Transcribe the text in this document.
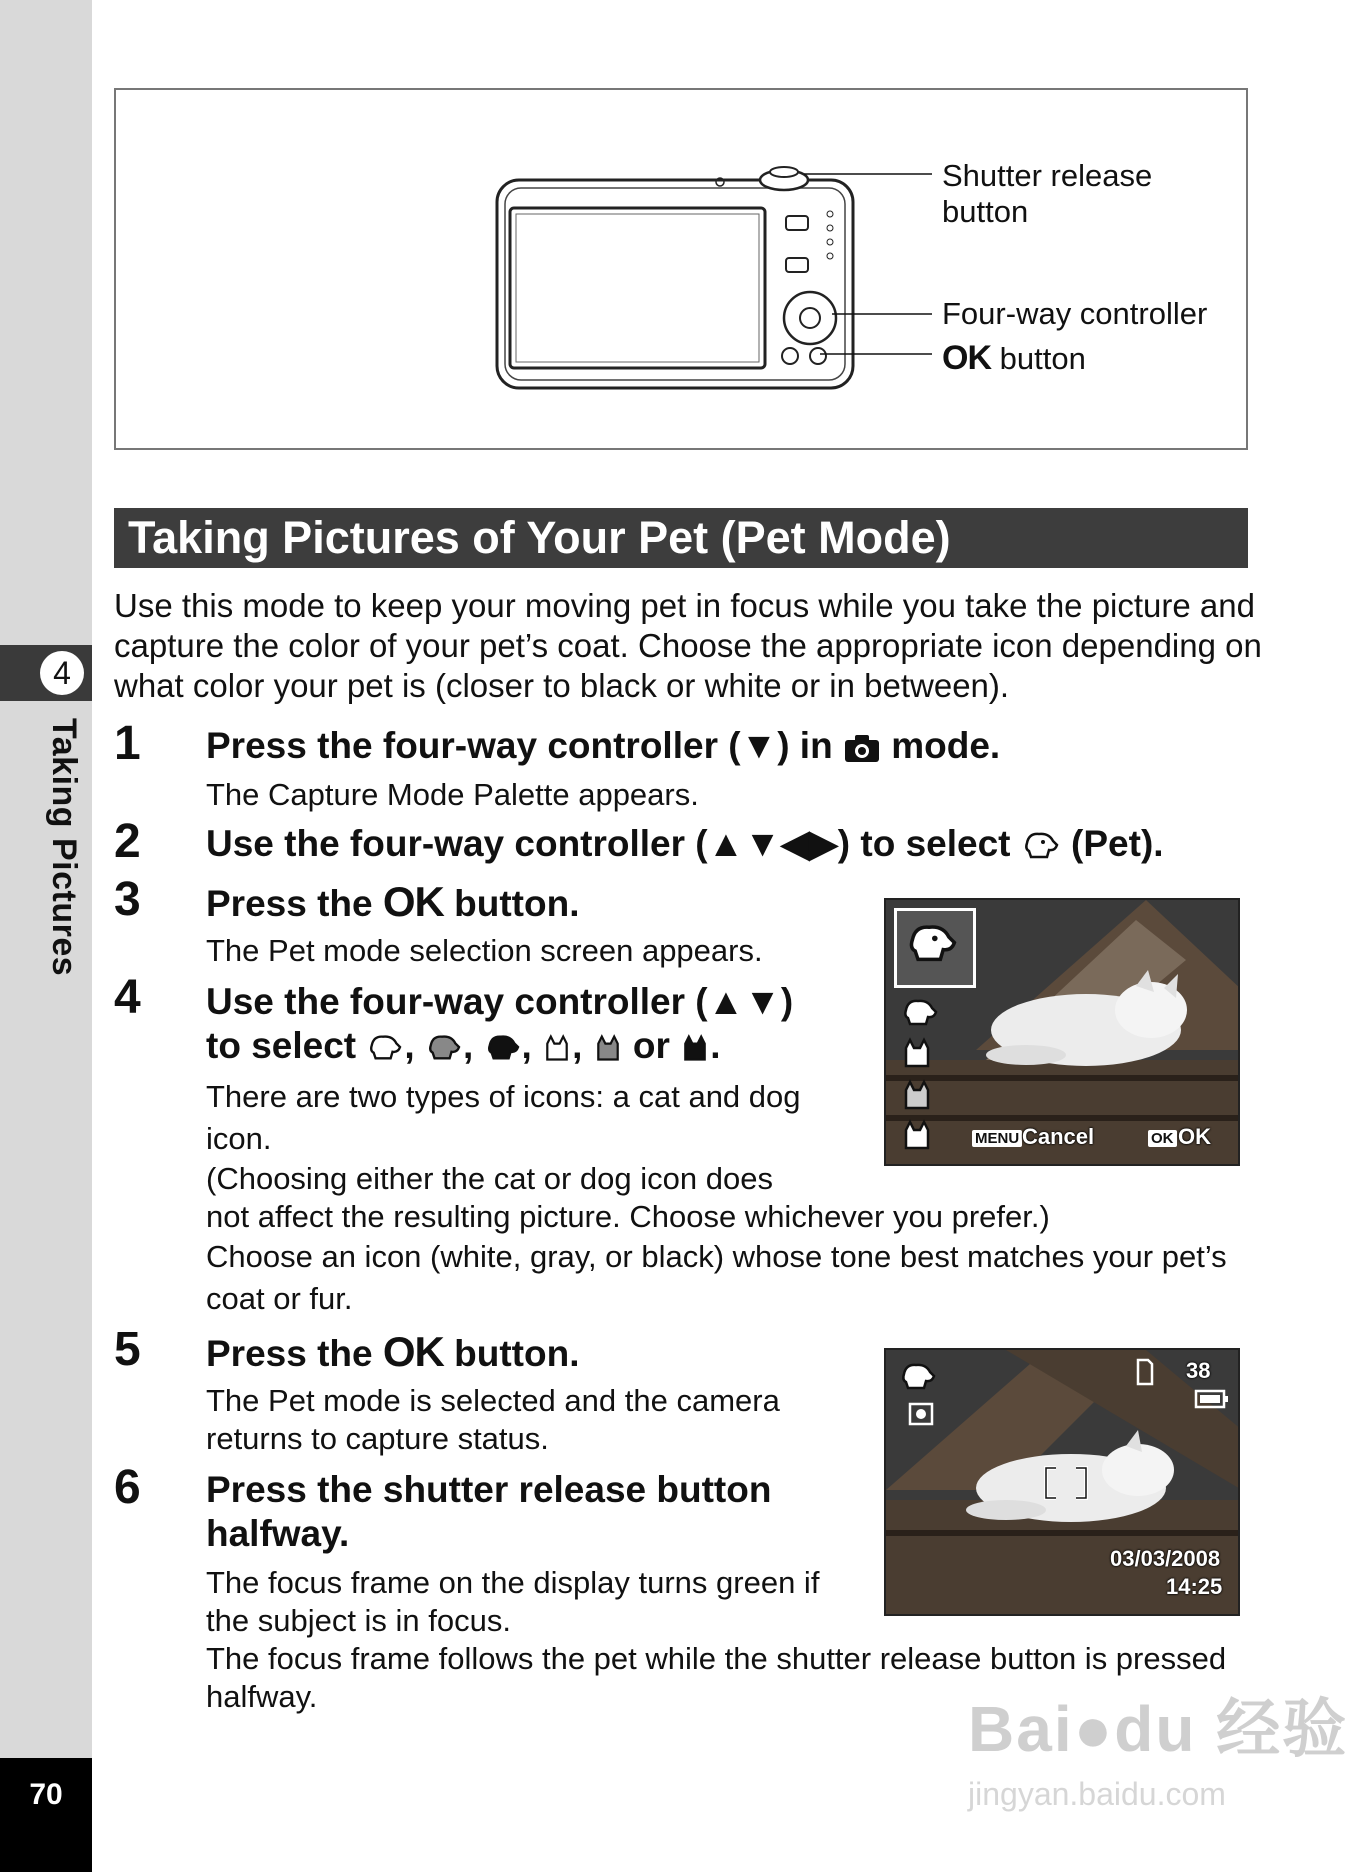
4
Taking Pictures
70
Shutter release button
Four-way controller
OK button
Taking Pictures of Your Pet (Pet Mode)
Use this mode to keep your moving pet in focus while you take the picture and capture the color of your pet’s coat. Choose the appropriate icon depending on what color your pet is (closer to black or white or in between).
1 Press the four-way controller (▼) in  mode.
The Capture Mode Palette appears.
2 Use the four-way controller (▲▼◀▶) to select  (Pet).
3 Press the OK button.
The Pet mode selection screen appears.
MENU Cancel	OK OK
4 Use the four-way controller (▲▼)
to select , , , ,  or .
There are two types of icons: a cat and dog icon.
(Choosing either the cat or dog icon does
not affect the resulting picture. Choose whichever you prefer.)
Choose an icon (white, gray, or black) whose tone best matches your pet’s coat or fur.
5 Press the OK button.
The Pet mode is selected and the camera returns to capture status.
38
03/03/2008
14:25
6 Press the shutter release button
halfway.
The focus frame on the display turns green if the subject is in focus.
The focus frame follows the pet while the shutter release button is pressed halfway.	Bai●du 经验
jingyan.baidu.com
